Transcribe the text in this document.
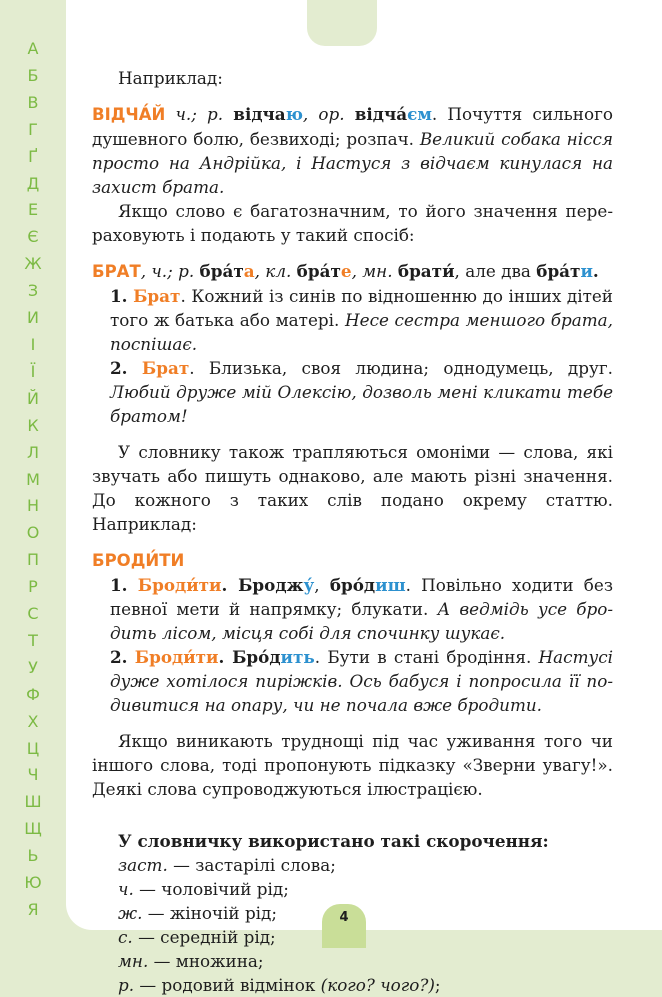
А
Б
В
Г
Ґ
Д
Е
Є
Ж
З
И
І
Ї
Й
К
Л
М
Н
О
П
Р
С
Т
У
Ф
Х
Ц
Ч
Ш
Щ
Ь
Ю
Я	4

Наприклад:

ВІДЧА́Й ч.; р. відчаю, ор. відча́єм. Почуття сильного душевного болю, безвиході; розпач. Великий собака нісся просто на Андрійка, і Настуся з відчаєм кинулася на захист брата.

Якщо слово є багатозначним, то його значення перераховують і подають у такий спосіб:

БРАТ, ч.; р. бра́та, кл. бра́те, мн. брати́, але два бра́ти.

1. Брат. Кожний із синів по відношенню до інших дітей того ж батька або матері. Несе сестра меншого брата, поспішає.

2. Брат. Близька, своя людина; однодумець, друг. Любий друже мій Олексію, дозволь мені кликати тебе братом!

У словнику також трапляються омоніми — слова, які звучать або пишуть однаково, але мають різні значення. До кожного з таких слів подано окрему статтю. Наприклад:

БРОДИ́ТИ

1. Броди́ти. Броджу́, бро́диш. Повільно ходити без певної мети й напрямку; блукати. А ведмідь усе бродить лісом, місця собі для спочинку шукає.

2. Броди́ти. Бро́дить. Бути в стані бродіння. Настусі дуже хотілося пиріжків. Ось бабуся і попросила її подивитися на опару, чи не почала вже бродити.

Якщо виникають труднощі під час уживання того чи іншого слова, тоді пропонують підказку «Зверни увагу!». Деякі слова супроводжуються ілюстрацією.

У словничку використано такі скорочення:

заст. — застарілі слова;

ч. — чоловічий рід;

ж. — жіночій рід;

с. — середній рід;

мн. — множина;

р. — родовий відмінок (кого? чого?);
